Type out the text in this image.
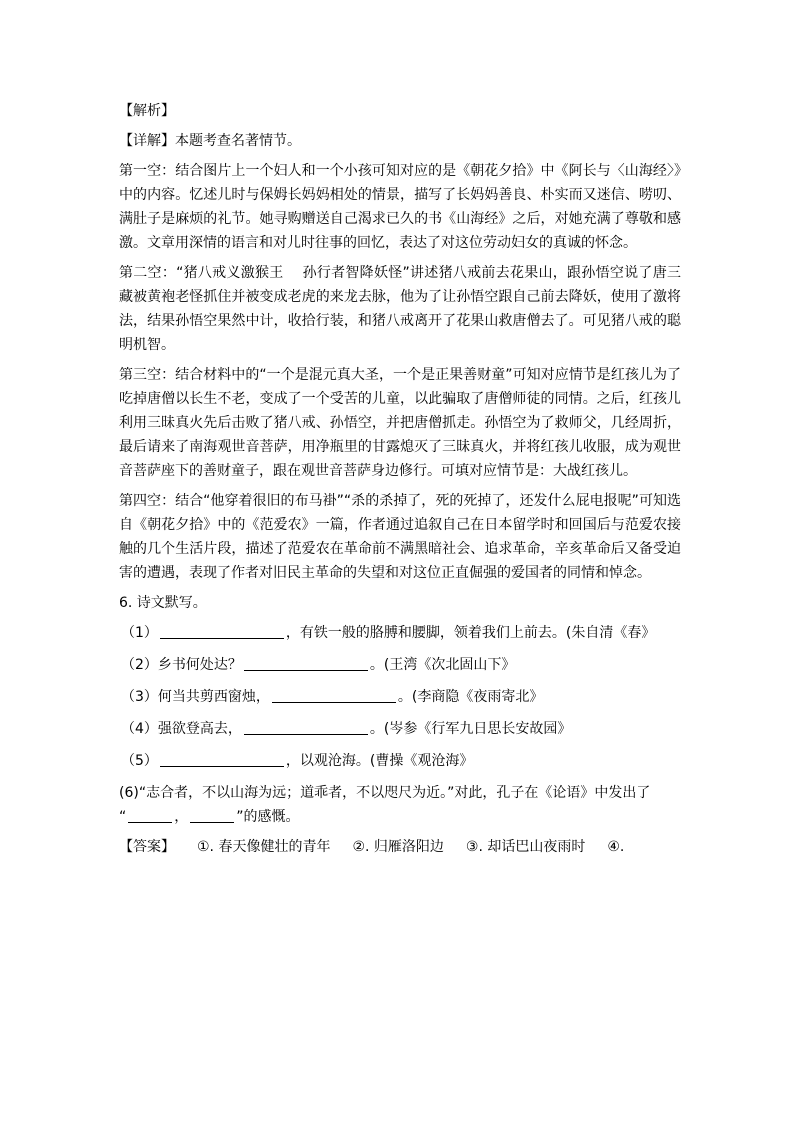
【解析】

【详解】本题考查名著情节。

第一空：结合图片上一个妇人和一个小孩可知对应的是《朝花夕拾》中《阿长与〈山海经〉》中的内容。忆述儿时与保姆长妈妈相处的情景，描写了长妈妈善良、朴实而又迷信、唠叨、满肚子是麻烦的礼节。她寻购赠送自己渴求已久的书《山海经》之后，对她充满了尊敬和感激。文章用深情的语言和对儿时往事的回忆，表达了对这位劳动妇女的真诚的怀念。

第二空：“猪八戒义激猴王　 孙行者智降妖怪”讲述猪八戒前去花果山，跟孙悟空说了唐三藏被黄袍老怪抓住并被变成老虎的来龙去脉，他为了让孙悟空跟自己前去降妖，使用了激将法，结果孙悟空果然中计，收拾行装，和猪八戒离开了花果山救唐僧去了。可见猪八戒的聪明机智。

第三空：结合材料中的“一个是混元真大圣，一个是正果善财童”可知对应情节是红孩儿为了吃掉唐僧以长生不老，变成了一个受苦的儿童，以此骗取了唐僧师徒的同情。之后，红孩儿利用三昧真火先后击败了猪八戒、孙悟空，并把唐僧抓走。孙悟空为了救师父，几经周折，最后请来了南海观世音菩萨，用净瓶里的甘露熄灭了三昧真火，并将红孩儿收服，成为观世音菩萨座下的善财童子，跟在观世音菩萨身边修行。可填对应情节是：大战红孩儿。

第四空：结合“他穿着很旧的布马褂”“杀的杀掉了，死的死掉了，还发什么屁电报呢”可知选自《朝花夕拾》中的《范爱农》一篇，作者通过追叙自己在日本留学时和回国后与范爱农接触的几个生活片段，描述了范爱农在革命前不满黑暗社会、追求革命，辛亥革命后又备受迫害的遭遇，表现了作者对旧民主革命的失望和对这位正直倔强的爱国者的同情和悼念。

6. 诗文默写。

（1）	，有铁一般的胳膊和腰脚，领着我们上前去。(朱自清《春》
（2）乡书何处达？	。(王湾《次北固山下》
（3）何当共剪西窗烛，	。(李商隐《夜雨寄北》
（4）强欲登高去，	。(岑参《行军九日思长安故园》
（5）	，以观沧海。(曹操《观沧海》

(6)“志合者，不以山海为远；道乖者，不以咫尺为近。”对此，孔子在《论语》中发出了
“	，	”的感慨。

【答案】 ①. 春天像健壮的青年 ②. 归雁洛阳边 ③. 却话巴山夜雨时 ④.
